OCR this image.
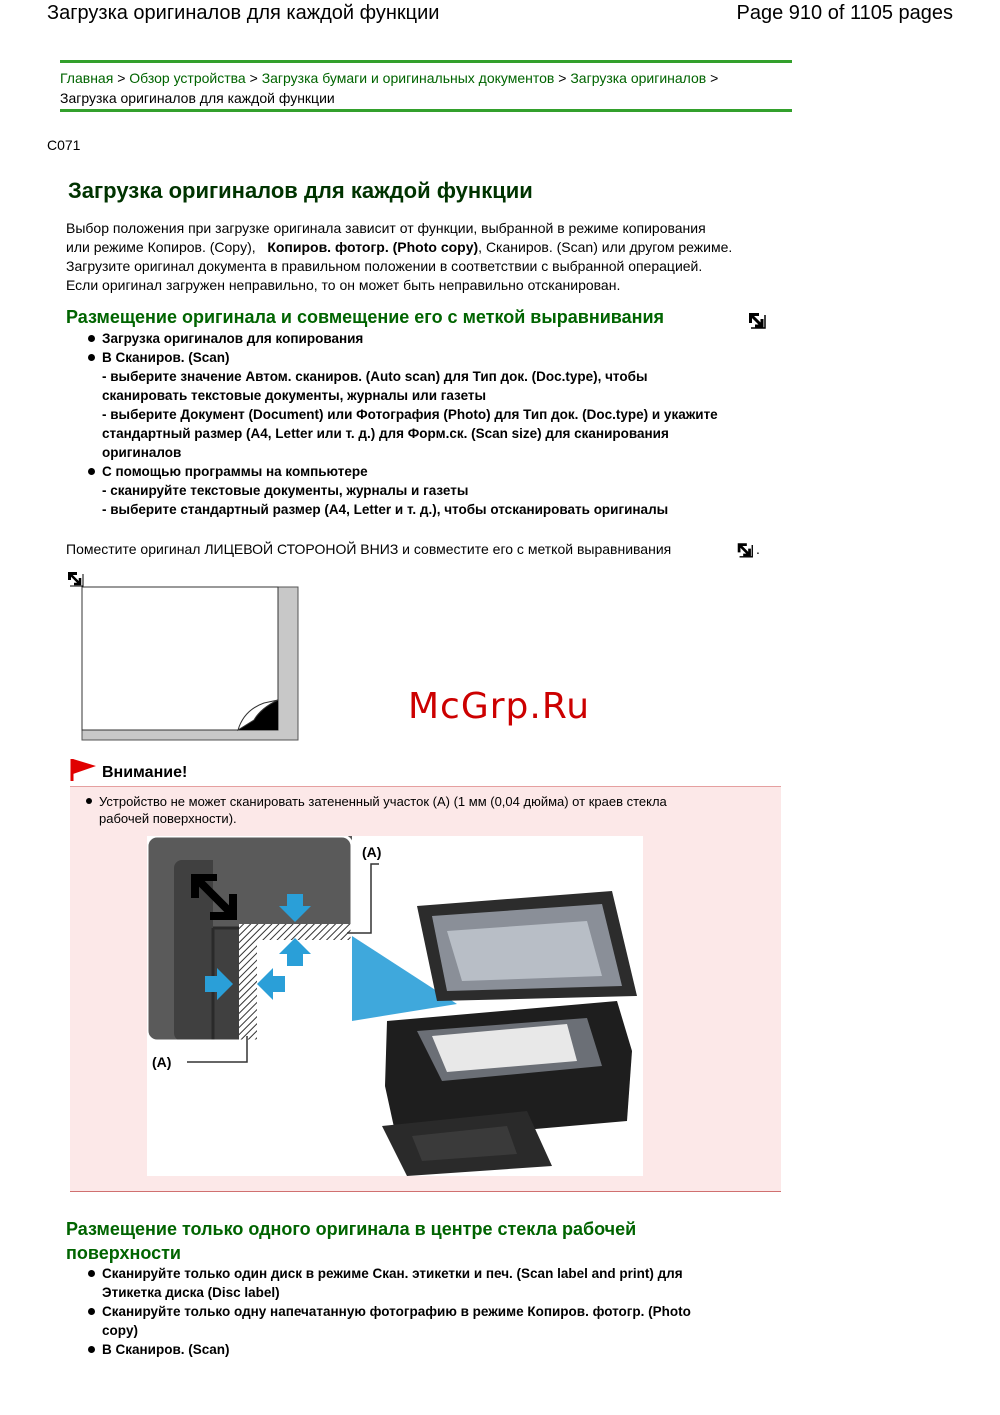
Загрузка оригиналов для каждой функции	Page 910 of 1105 pages
Главная > Обзор устройства > Загрузка бумаги и оригинальных документов > Загрузка оригиналов >
Загрузка оригиналов для каждой функции
C071
Загрузка оригиналов для каждой функции
Выбор положения при загрузке оригинала зависит от функции, выбранной в режиме копирования
или режиме Копиров. (Copy), Копиров. фотогр. (Photo copy), Сканиров. (Scan) или другом режиме.
Загрузите оригинал документа в правильном положении в соответствии с выбранной операцией.
Если оригинал загружен неправильно, то он может быть неправильно отсканирован.
Размещение оригинала и совмещение его с меткой выравнивания
Загрузка оригиналов для копирования
В Сканиров. (Scan)
- выберите значение Автом. сканиров. (Auto scan) для Тип док. (Doc.type), чтобы
сканировать текстовые документы, журналы или газеты
- выберите Документ (Document) или Фотография (Photo) для Тип док. (Doc.type) и укажите
стандартный размер (A4, Letter или т. д.) для Форм.ск. (Scan size) для сканирования
оригиналов
С помощью программы на компьютере
- сканируйте текстовые документы, журналы и газеты
- выберите стандартный размер (A4, Letter и т. д.), чтобы отсканировать оригиналы
Поместите оригинал ЛИЦЕВОЙ СТОРОНОЙ ВНИЗ и совместите его с меткой выравнивания	.
McGrp.Ru
Внимание!
Устройство не может сканировать затененный участок (A) (1 мм (0,04 дюйма) от краев стекла
рабочей поверхности).
(A)
(A)
Размещение только одного оригинала в центре стекла рабочей
поверхности
Сканируйте только один диск в режиме Скан. этикетки и печ. (Scan label and print) для
Этикетка диска (Disc label)
Сканируйте только одну напечатанную фотографию в режиме Копиров. фотогр. (Photo
copy)
В Сканиров. (Scan)
